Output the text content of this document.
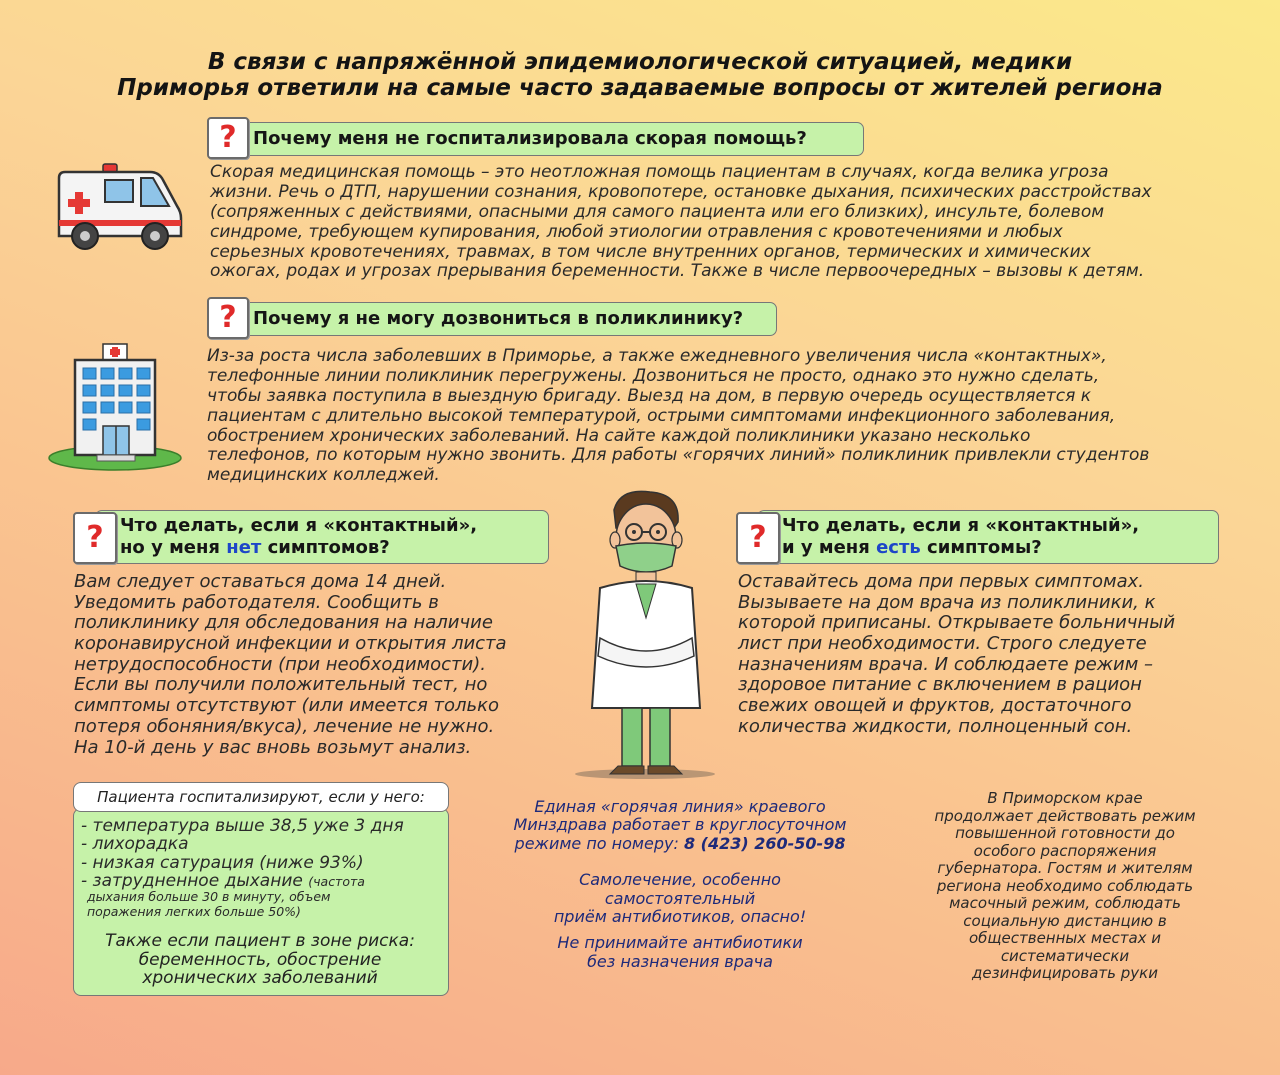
В связи с напряжённой эпидемиологической ситуацией, медики
Приморья ответили на самые часто задаваемые вопросы от жителей региона
Почему меня не госпитализировала скорая помощь?
?
Скорая медицинская помощь – это неотложная помощь пациентам в случаях, когда велика угроза
жизни. Речь о ДТП, нарушении сознания, кровопотере, остановке дыхания, психических расстройствах
(сопряженных с действиями, опасными для самого пациента или его близких), инсульте, болевом
синдроме, требующем купирования, любой этиологии отравления с кровотечениями и любых
серьезных кровотечениях, травмах, в том числе внутренних органов, термических и химических
ожогах, родах и угрозах прерывания беременности. Также в числе первоочередных – вызовы к детям.
Почему я не могу дозвониться в поликлинику?
?
Из-за роста числа заболевших в Приморье, а также ежедневного увеличения числа «контактных»,
телефонные линии поликлиник перегружены. Дозвониться не просто, однако это нужно сделать,
чтобы заявка поступила в выездную бригаду. Выезд на дом, в первую очередь осуществляется к
пациентам с длительно высокой температурой, острыми симптомами инфекционного заболевания,
обострением хронических заболеваний. На сайте каждой поликлиники указано несколько
телефонов, по которым нужно звонить. Для работы «горячих линий» поликлиник привлекли студентов
медицинских колледжей.
Что делать, если я «контактный»,
но у меня нет симптомов?
?
Вам следует оставаться дома 14 дней.
Уведомить работодателя. Сообщить в
поликлинику для обследования на наличие
коронавирусной инфекции и открытия листа
нетрудоспособности (при необходимости).
Если вы получили положительный тест, но
симптомы отсутствуют (или имеется только
потеря обоняния/вкуса), лечение не нужно.
На 10-й день у вас вновь возьмут анализ.
Что делать, если я «контактный»,
и у меня есть симптомы?
?
Оставайтесь дома при первых симптомах.
Вызываете на дом врача из поликлиники, к
которой приписаны. Открываете больничный
лист при необходимости. Строго следуете
назначениям врача. И соблюдаете режим –
здоровое питание с включением в рацион
свежих овощей и фруктов, достаточного
количества жидкости, полноценный сон.
Пациента госпитализируют, если у него:
- температура выше 38,5 уже 3 дня
- лихорадка
- низкая сатурация (ниже 93%)
- затрудненное дыхание (частота
дыхания больше 30 в минуту, объем
поражения легких больше 50%)
Также если пациент в зоне риска:
беременность, обострение
хронических заболеваний
Единая «горячая линия» краевого
Минздрава работает в круглосуточном
режиме по номеру: 8 (423) 260-50-98
Самолечение, особенно
самостоятельный
приём антибиотиков, опасно!
Не принимайте антибиотики
без назначения врача
В Приморском крае
продолжает действовать режим
повышенной готовности до
особого распоряжения
губернатора. Гостям и жителям
региона необходимо соблюдать
масочный режим, соблюдать
социальную дистанцию в
общественных местах и
систематически
дезинфицировать руки
